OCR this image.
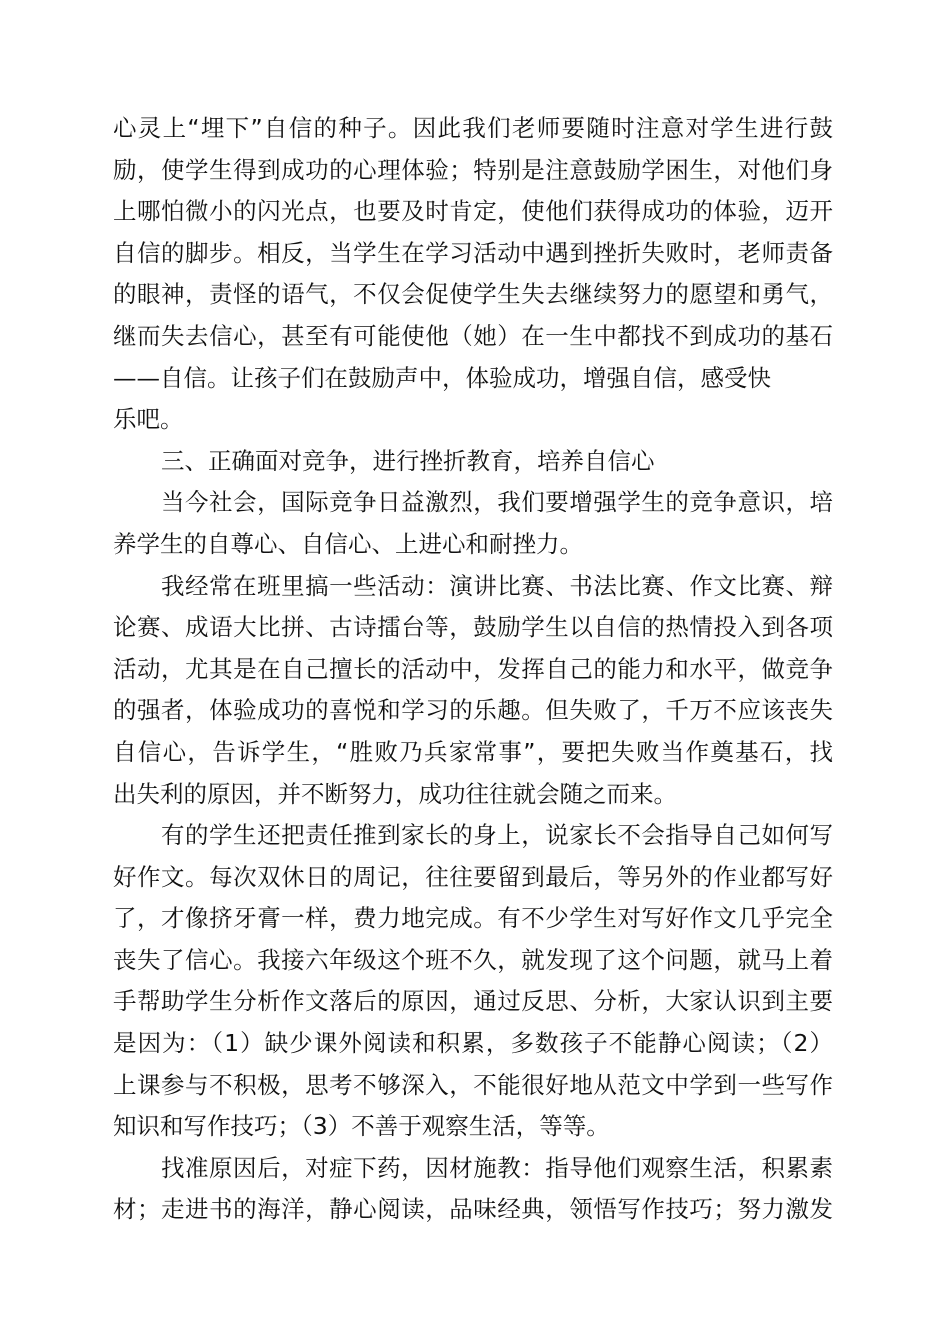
心灵上“埋下”自信的种子。因此我们老师要随时注意对学生进行鼓
励，使学生得到成功的心理体验；特别是注意鼓励学困生，对他们身
上哪怕微小的闪光点，也要及时肯定，使他们获得成功的体验，迈开
自信的脚步。相反，当学生在学习活动中遇到挫折失败时，老师责备
的眼神，责怪的语气，不仅会促使学生失去继续努力的愿望和勇气，
继而失去信心，甚至有可能使他（她）在一生中都找不到成功的基石
——自信。让孩子们在鼓励声中，体验成功，增强自信，感受快
乐吧。
三、正确面对竞争，进行挫折教育，培养自信心
当今社会，国际竞争日益激烈，我们要增强学生的竞争意识，培
养学生的自尊心、自信心、上进心和耐挫力。
我经常在班里搞一些活动：演讲比赛、书法比赛、作文比赛、辩
论赛、成语大比拼、古诗擂台等，鼓励学生以自信的热情投入到各项
活动，尤其是在自己擅长的活动中，发挥自己的能力和水平，做竞争
的强者，体验成功的喜悦和学习的乐趣。但失败了，千万不应该丧失
自信心，告诉学生，“胜败乃兵家常事”，要把失败当作奠基石，找
出失利的原因，并不断努力，成功往往就会随之而来。
有的学生还把责任推到家长的身上，说家长不会指导自己如何写
好作文。每次双休日的周记，往往要留到最后，等另外的作业都写好
了，才像挤牙膏一样，费力地完成。有不少学生对写好作文几乎完全
丧失了信心。我接六年级这个班不久，就发现了这个问题，就马上着
手帮助学生分析作文落后的原因，通过反思、分析，大家认识到主要
是因为：（1）缺少课外阅读和积累，多数孩子不能静心阅读；（2）
上课参与不积极，思考不够深入，不能很好地从范文中学到一些写作
知识和写作技巧；（3）不善于观察生活，等等。
找准原因后，对症下药，因材施教：指导他们观察生活，积累素
材；走进书的海洋，静心阅读，品味经典，领悟写作技巧；努力激发
